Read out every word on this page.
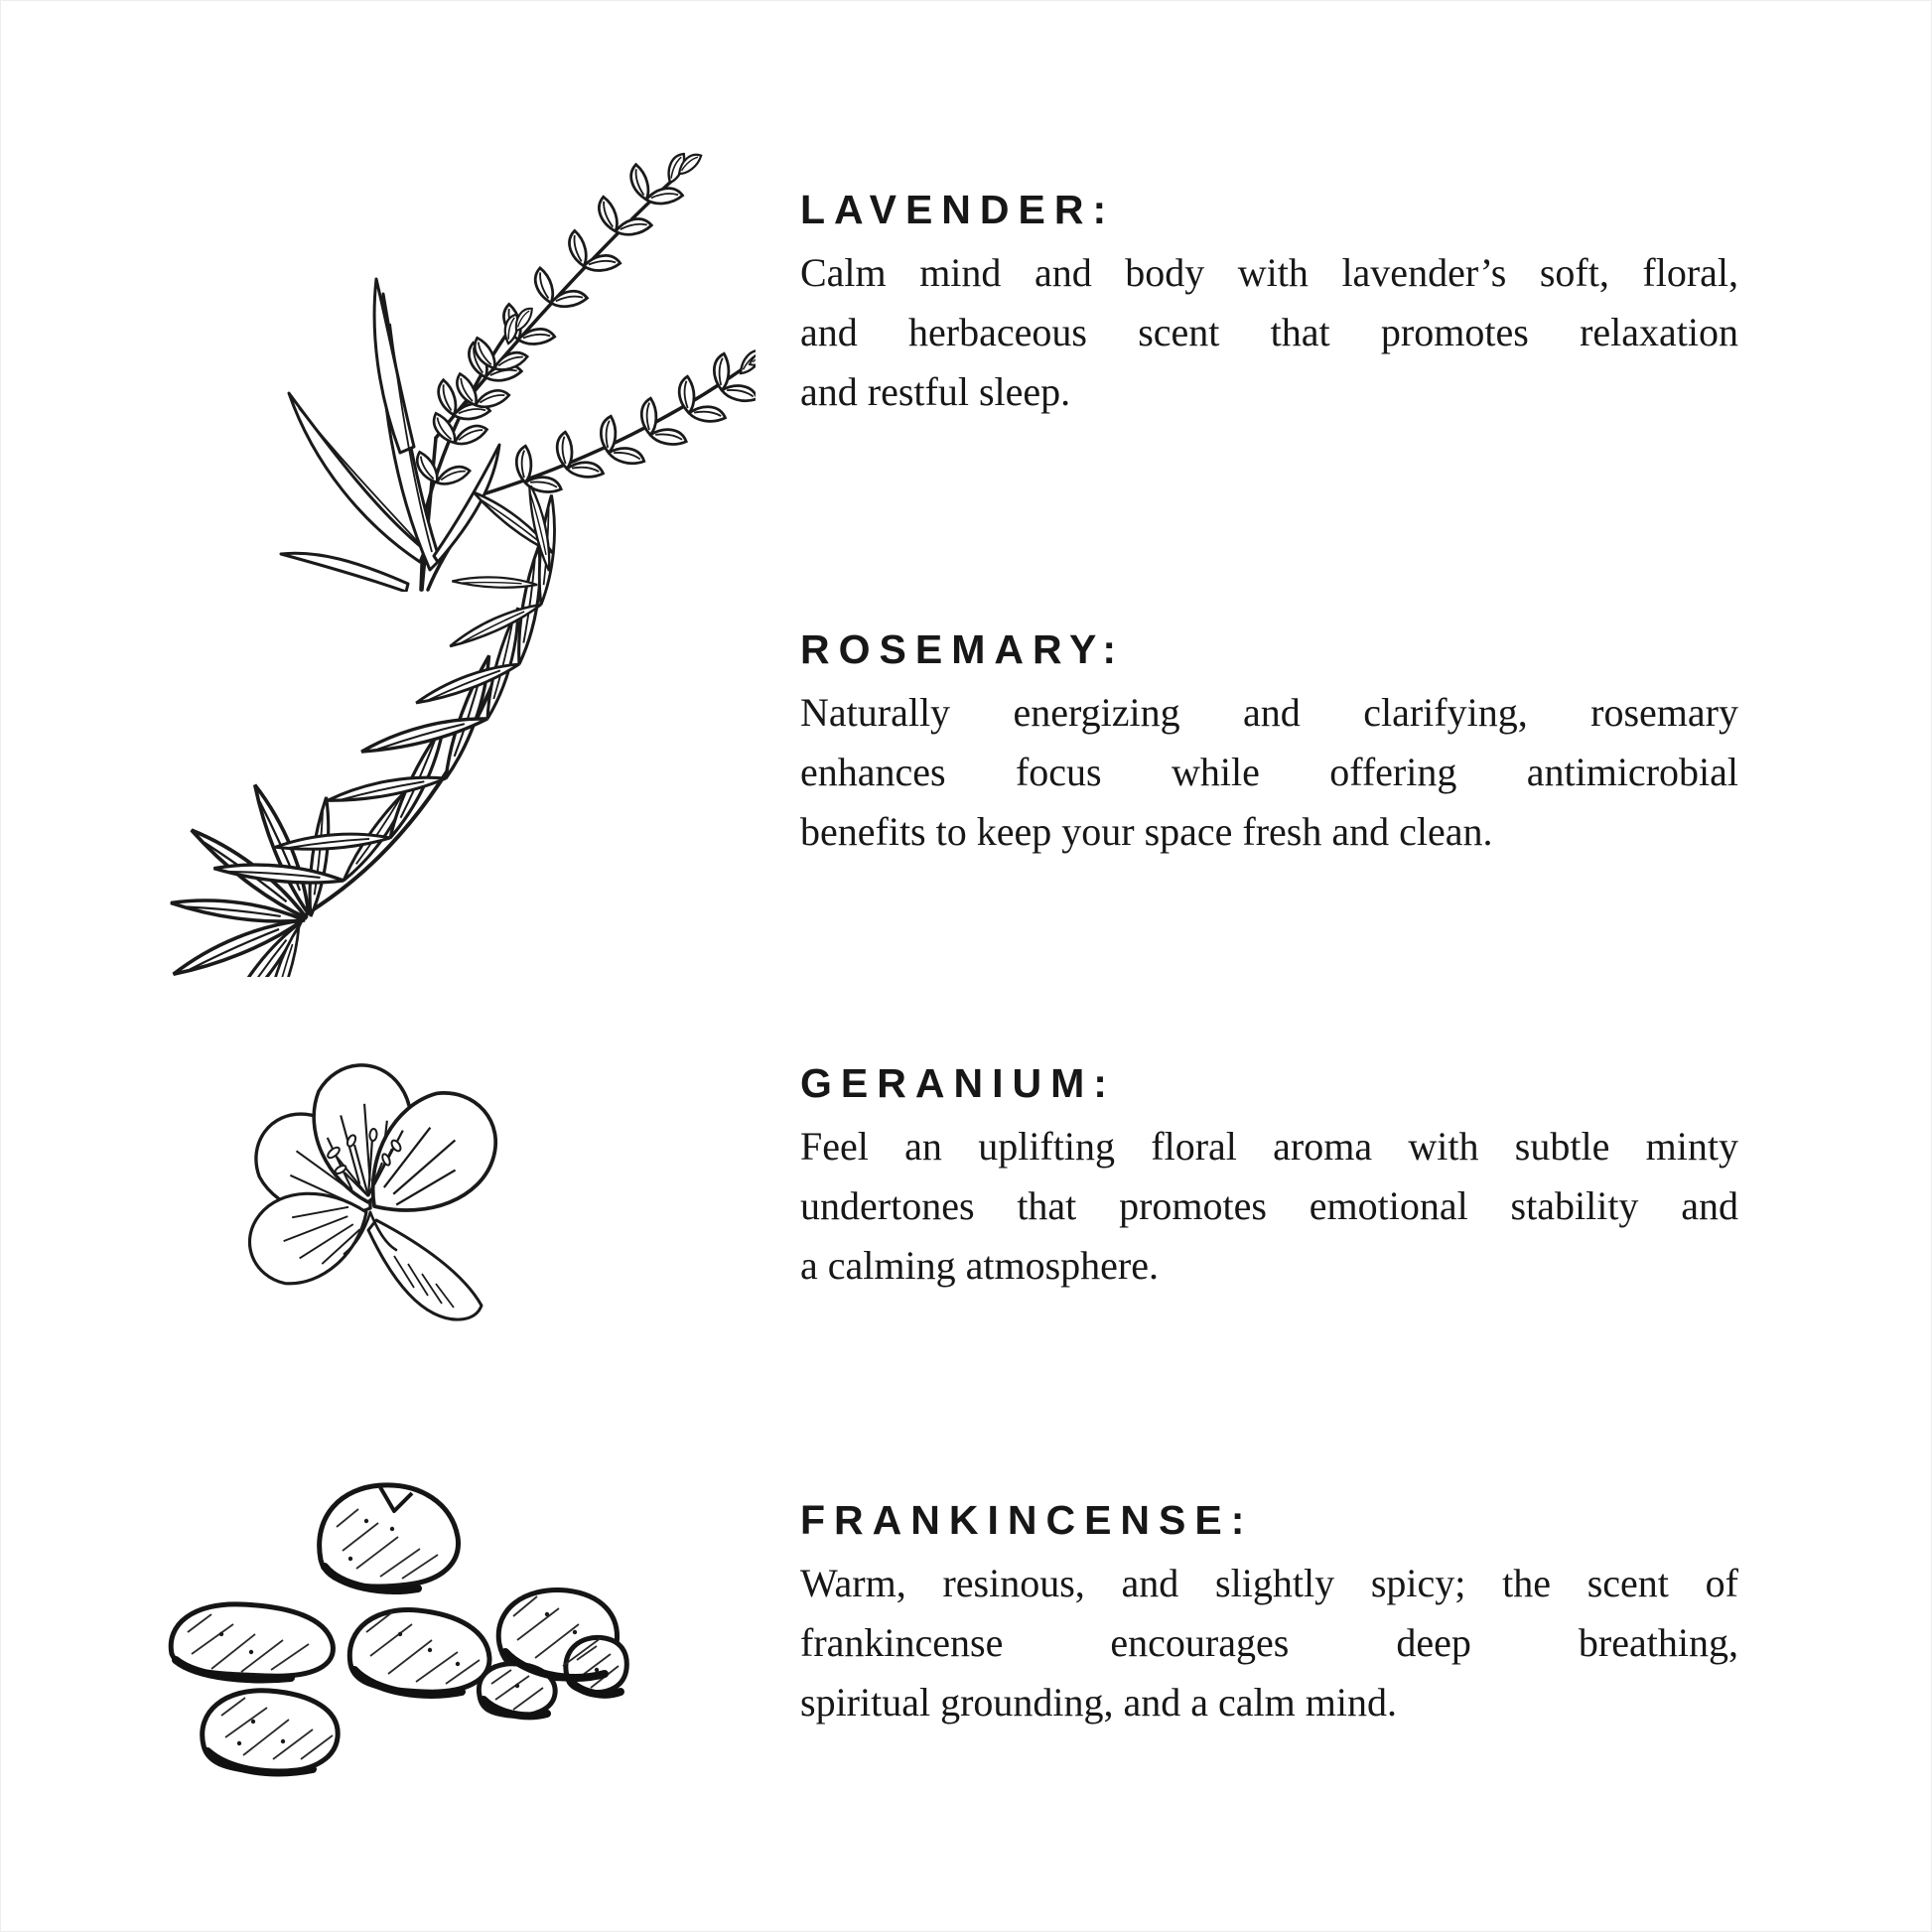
LAVENDER:
Calm mind and body with lavender’s soft, floral,
and herbaceous scent that promotes relaxation
and restful sleep.
ROSEMARY:
Naturally energizing and clarifying, rosemary
enhances focus while offering antimicrobial
benefits to keep your space fresh and clean.
GERANIUM:
Feel an uplifting floral aroma with subtle minty
undertones that promotes emotional stability and
a calming atmosphere.
FRANKINCENSE:
Warm, resinous, and slightly spicy; the scent of
frankincense encourages deep breathing,
spiritual grounding, and a calm mind.
